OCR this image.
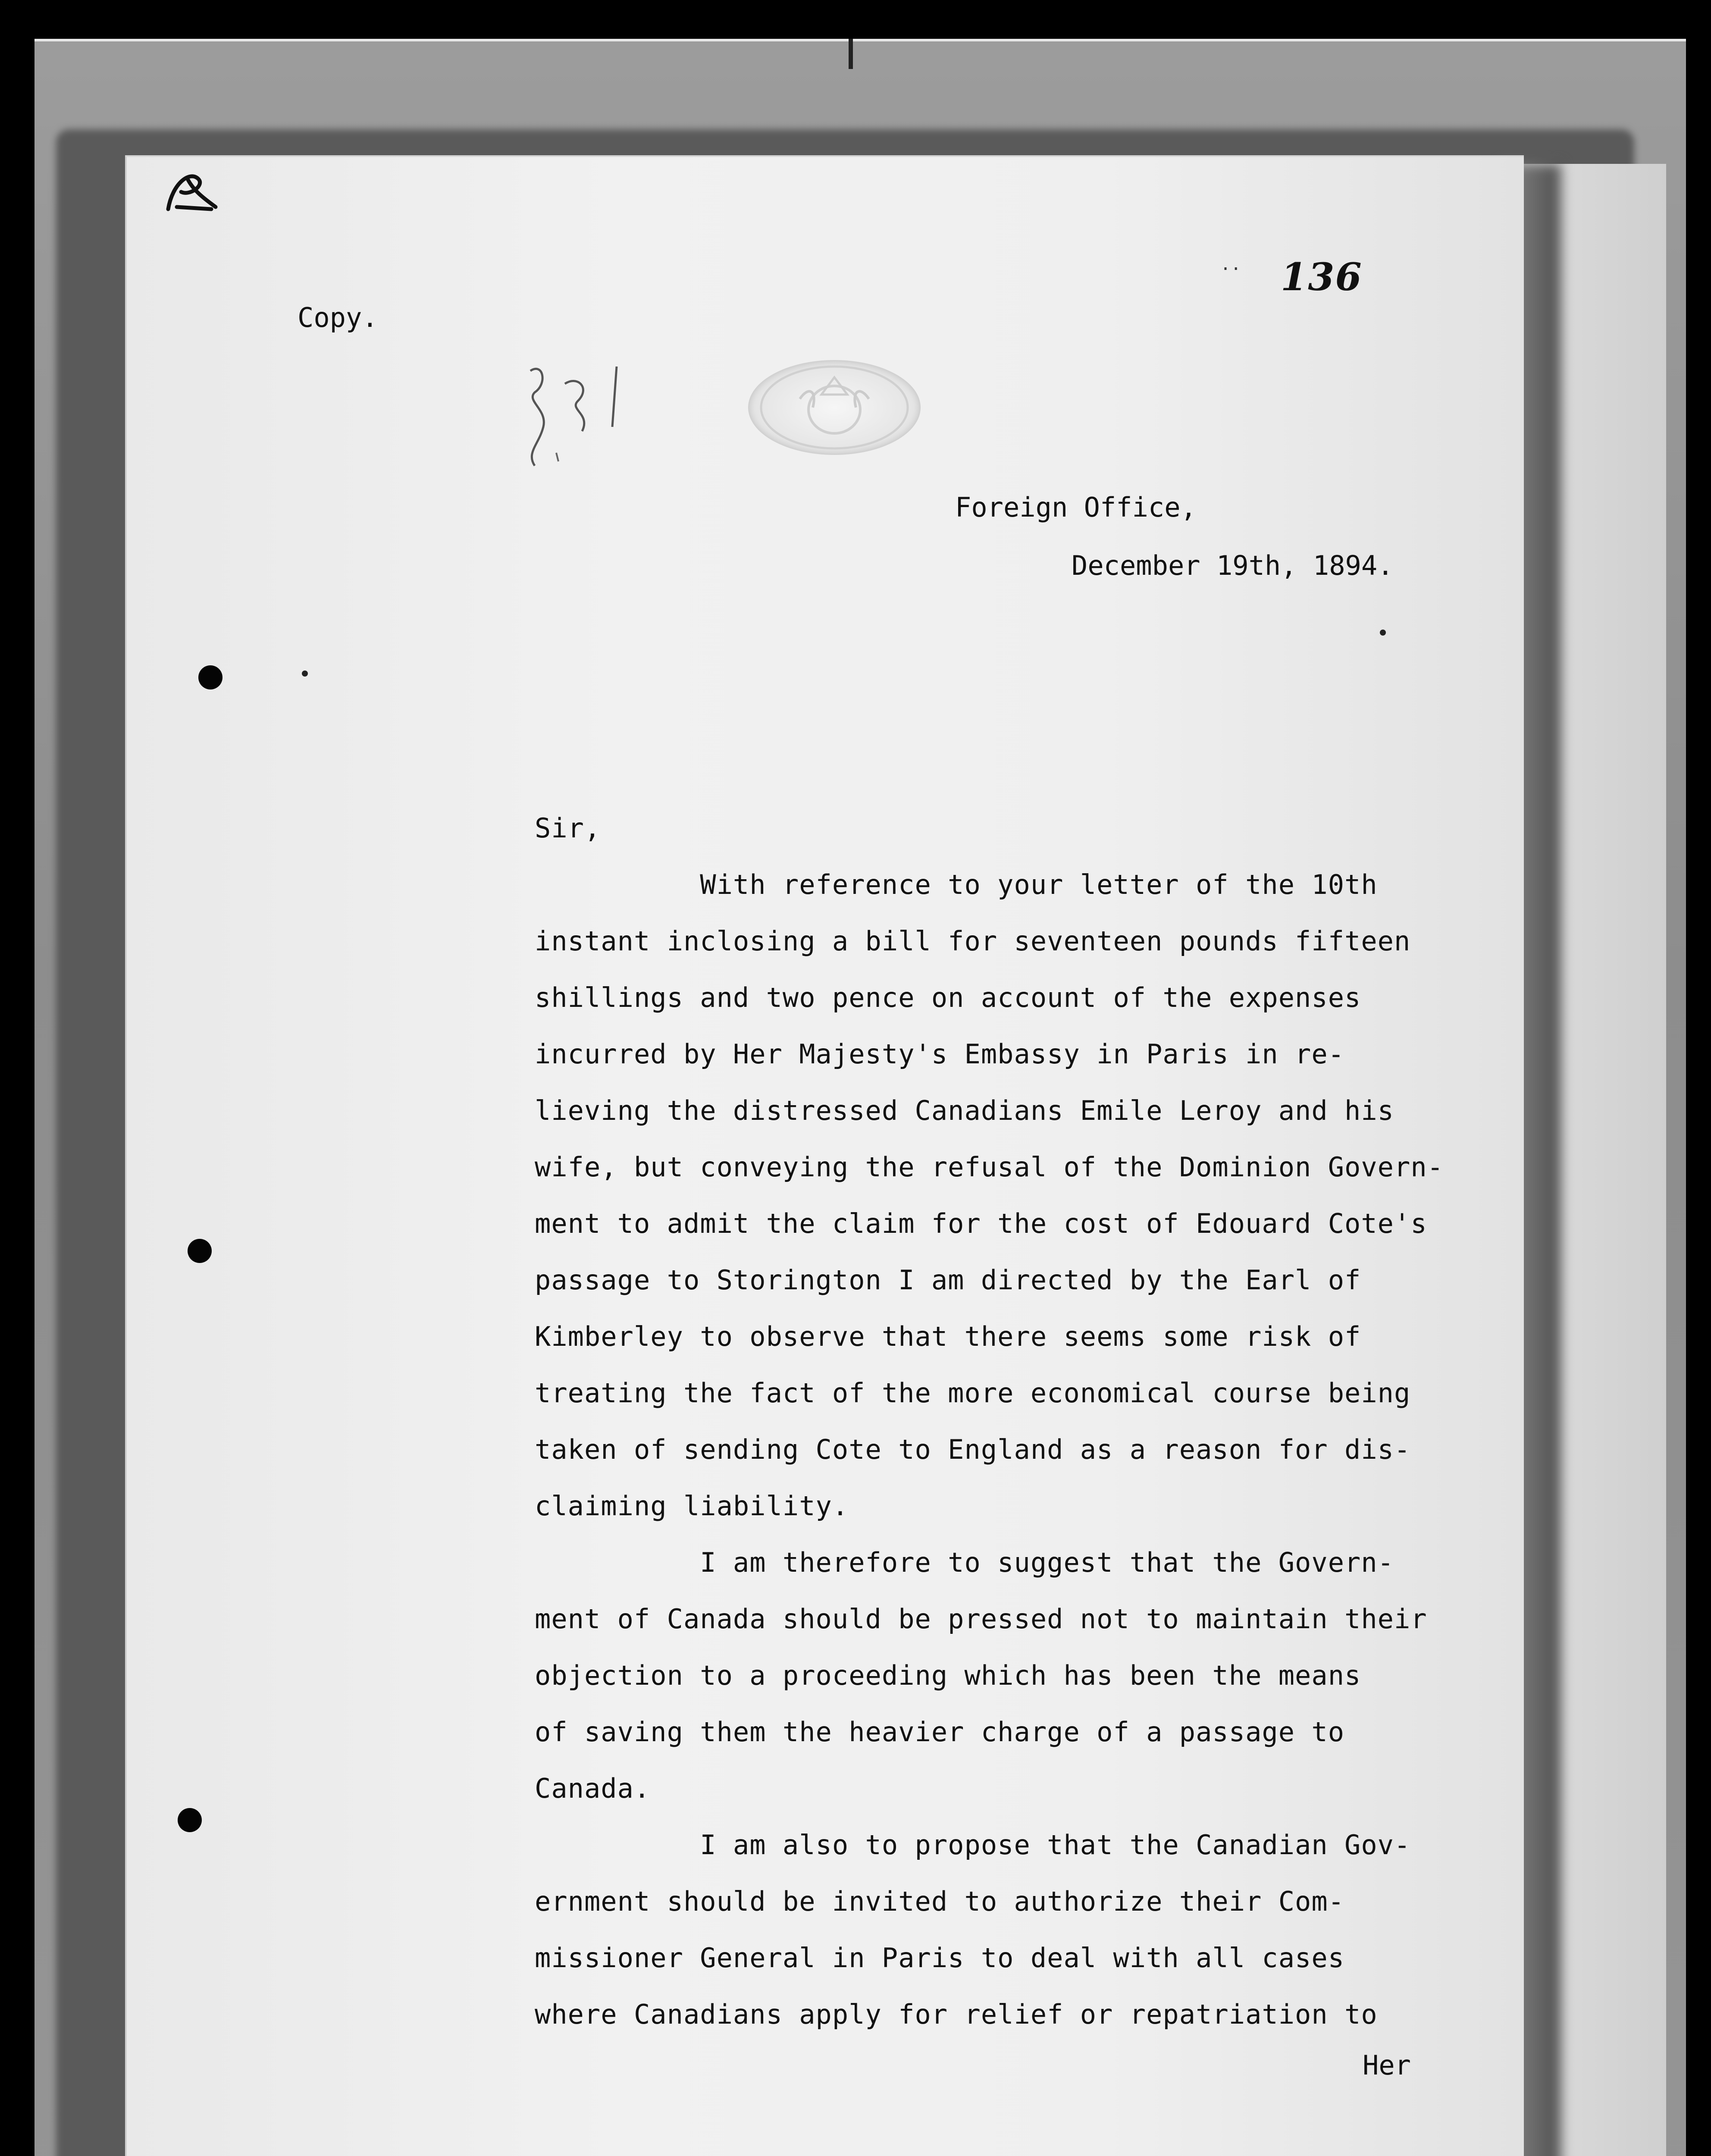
.. 136
Copy.
Foreign Office,
December 19th, 1894.
Sir,
With reference to your letter of the 10th
instant inclosing a bill for seventeen pounds fifteen
shillings and two pence on account of the expenses
incurred by Her Majesty's Embassy in Paris in re-
lieving the distressed Canadians Emile Leroy and his
wife, but conveying the refusal of the Dominion Govern-
ment to admit the claim for the cost of Edouard Cote's
passage to Storington I am directed by the Earl of
Kimberley to observe that there seems some risk of
treating the fact of the more economical course being
taken of sending Cote to England as a reason for dis-
claiming liability.
I am therefore to suggest that the Govern-
ment of Canada should be pressed not to maintain their
objection to a proceeding which has been the means
of saving them the heavier charge of a passage to
Canada.
I am also to propose that the Canadian Gov-
ernment should be invited to authorize their Com-
missioner General in Paris to deal with all cases
where Canadians apply for relief or repatriation to
Her
